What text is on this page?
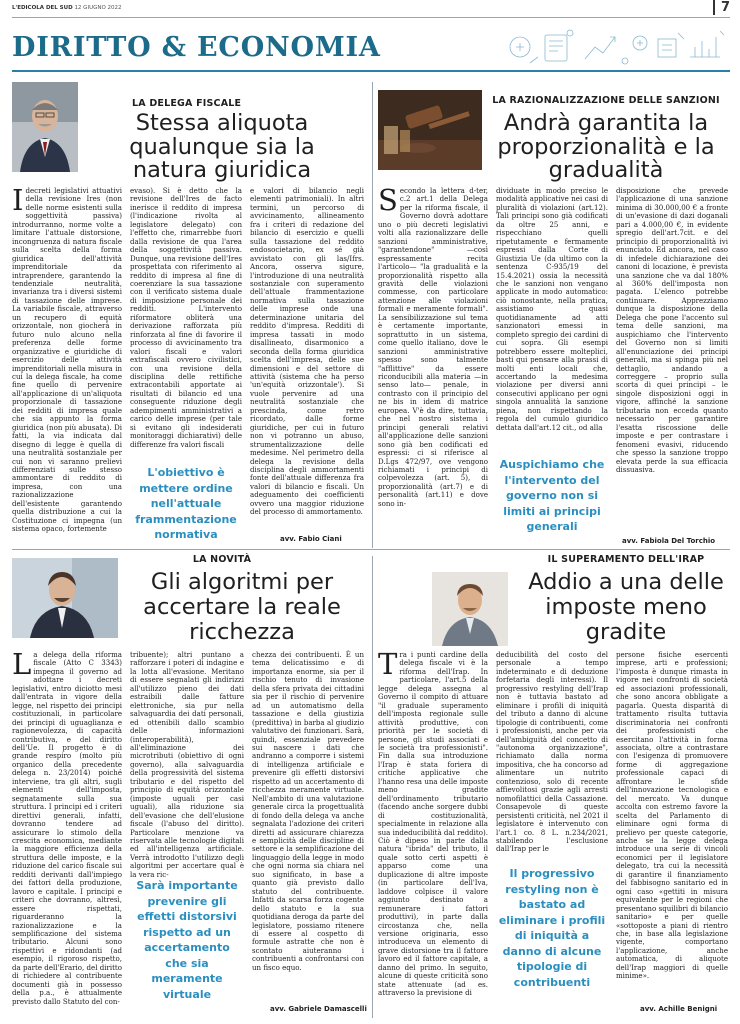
L'EDICOLA DEL SUD 12 GIUGNO 2022	7
DIRITTO & ECONOMIA
LA DELEGA FISCALE
Stessa aliquota qualunque sia la natura giuridica
Idecreti legislativi attuativi della revisione Ires (non delle norme esistenti sulla soggettività passiva) introdurranno, norme volte a limitare l'attuale distorsione, incongruenza di natura fiscale sulla scelta della forma giuridica dell'attività imprenditoriale da intraprendere, garantendo la tendenziale neutralità, invarianza tra i diversi sistemi di tassazione delle imprese. La variabile fiscale, attraverso un recupero di equità orizzontale, non giocherà in futuro nulo alcuno nella preferenza delle forme organizzative e giuridiche di esercizio delle attività imprenditoriali nella misura in cui la delega fiscale, ha come fine quello di pervenire all'applicazione di un'aliquota proporzionale di tassazione dei redditi di impresa quale che sia appunto la forma giuridica (non più abusata). Di fatti, la via indicata dal disegno di legge è quella di una neutralità sostanziale per cui non vi saranno prelievi differenziati sulle stesso ammontare di reddito di impresa, con una razionalizzazione dell'esistente garantendo quella distribuzione a cui la Costituzione ci impegna (un sistema opaco, fortemente
evaso). Si è detto che la revisione dell'Ires de facto inerisce il reddito di impresa (l'indicazione rivolta al legislatore delegato) con l'effetto che, rimarrebbe fuori dalla revisione de qua l'area della soggettività passiva. Dunque, una revisione dell'Ires prospettata con riferimento al reddito di impresa al fine di coerenziare la sua tassazione con il verificato sistema duale di imposizione personale dei redditi. L'intervento riformatore obliterà una derivazione rafforzata più rinforzata al fine di favorire il processo di avvicinamento tra valori fiscali e valori extrafiscali ovvero civilistici, con una revisione della disciplina delle rettifiche extracontabili apportate ai risultati di bilancio ed una conseguente riduzione degli adempimenti amministrativi a carico delle imprese (per tale si evitano gli indesiderati monitoraggi dichiarativi) delle differenze fra valori fiscali
L'obiettivo è mettere ordine nell'attuale frammentazione normativa
e valori di bilancio negli elementi patrimoniali). In altri termini, un percorso di avvicinamento, allineamento fra i criteri di redazione del bilancio di esercizio e quelli sulla tassazione del reddito endosocietario, ex sé già avvistato con gli las/Ifrs. Ancora, osserva sigure, l'introduzione di una neutralità sostanziale con superamento dell'attuale frammentazione normativa sulla tassazione delle imprese onde una determinazione unitaria del reddito d'impresa. Redditi di impresa tassati in modo disallineato, disarmonico a seconda della forma giuridica scelta dell'impresa, delle sue dimensioni e del settore di attività (sistema che ha perso 'un'equità orizzontale'). Si vuole pervenire ad una neutralità sostanziale che prescinda, come retro ricordato, dalle forme giuridiche, per cui in futuro non vi potranno un abuso, strumentalizzazione delle medesime. Nel perimetro della delega la revisione della disciplina degli ammortamenti fonte dell'attuale differenza fra valori di bilancio e fiscali. Un adeguamento dei coefficienti ovvero una maggior riduzione del processo di ammortamento.
avv. Fabio Ciani
LA RAZIONALIZZAZIONE DELLE SANZIONI
Andrà garantita la proporzionalità e la gradualità
Secondo la lettera d-ter, c.2 art.1 della Delega per la riforma fiscale, il Governo dovrà adottare uno o più decreti legislativi volti alla razionalizzare delle sanzioni amministrative, "garantendone" —così espressamente recita l'articolo— "la gradualità e la proporzionalità rispetto alla gravità delle violazioni commesse, con particolare attenzione alle violazioni formali e meramente formali". La sensibilizzazione sul tema è certamente importante, soprattutto in un sistema, come quello italiano, dove le sanzioni amministrative spesso sono talmente "afflittive" da essere riconducibili alla materia —in senso lato— penale, in contrasto con il principio del ne bis in idem di matrice europea. V'è da dire, tuttavia, che nel nostro sistema i principi generali relativi all'applicazione delle sanzioni sono già ben codificati ed espressi: ci si riferisce al D.Lgs 472/97, ove vengono richiamati i principi di colpevolezza (art. 5), di proporzionalità (art.7) e di personalità (art.11) e dove sono in-
dividuate in modo preciso le modalità applicative nei casi di pluralità di violazioni (art.12). Tali principi sono già codificati da oltre 25 anni, e rispecchiano quelli ripetutamente e fermamente espressi dalla Corte di Giustizia Ue (da ultimo con la sentenza C-935/19 del 15.4.2021) ossia la necessità che le sanzioni non vengano applicate in modo automatico: ciò nonostante, nella pratica, assistiamo quasi quotidianamente ad atti sanzionatori emessi in completo spregio dei cardini di cui sopra. Gli esempi potrebbero essere molteplici, basti qui pensare alla prassi di molti enti locali che, accertando la medesima violazione per diversi anni consecutivi applicano per ogni singola annualità la sanzione piena, non rispettando la regola del cumulo giuridico dettata dall'art.12 cit., od alla
Auspichiamo che l'intervento del governo non si limiti ai principi generali
disposizione che prevede l'applicazione di una sanzione minima di 30.000,00 € a fronte di un'evasione di dazi doganali pari a 4.000,00 €, in evidente spregio dell'art.7cit. e del principio di proporzionalità ivi enunciato. Ed ancora, nel caso di infedele dichiarazione dei canoni di locazione, è prevista una sanzione che va dal 180% al 360% dell'imposta non pagata. L'elenco potrebbe continuare. Apprezziamo dunque la disposizione della Delega che pone l'accento sul tema delle sanzioni, ma auspichiamo che l'intervento del Governo non si limiti all'enunciazione dei principi generali, ma si spinga più nel dettaglio, andando a correggere – proprio sulla scorta di quei principi – le singole disposizioni oggi in vigore, affinché la sanzione tributaria non ecceda quanto necessario per garantire l'esatta riscossione delle imposte e per contrastare i fenomeni evasivi, riducendo che spesso la sanzione troppo elevata perde la sua efficacia dissuasiva.
avv. Fabiola Del Torchio
LA NOVITÀ
Gli algoritmi per accertare la reale ricchezza
La delega della riforma fiscale (Atto C 3343) impegna il governo ad adottare i decreti legislativi, entro diciotto mesi dall'entrata in vigore della legge, nel rispetto dei principi costituzionali, in particolare dei principi di uguaglianza e ragionevolezza, di capacità contributiva, e del diritto dell'Ue. Il progetto è di grande respiro (molto più organico della precedente delega n. 23/2014) poiché interviene, tra gli altri, sugli elementi dell'imposta, segnatamente sulla sua struttura. I principi ed i criteri direttivi generali, infatti, dovranno tendere ad assicurare lo stimolo della crescita economica, mediante la maggiore efficienza della struttura delle imposte, e la riduzione del carico fiscale sui redditi derivanti dall'impiego dei fattori della produzione, lavoro e capitale. I principi e criteri che dovranno, altresì, essere rispettati, riguarderanno la razionalizzazione e la semplificazione del sistema tributario. Alcuni sono rispettivi e ridondanti (ad esempio, il rigoroso rispetto, da parte dell'Erario, del diritto di richiedere al contribuente documenti già in possesso della p.a., è attualmente previsto dallo Statuto del con-
tribuente); altri puntano a rafforzare i poteri di indagine e la lotta all'evasione. Meritano di essere segnalati gli indirizzi all'utilizzo pieno dei dati estraibili dalle fatture elettroniche, sia pur nella salvaguardia dei dati personali, ed ottenibili dallo scambio delle informazioni (interoperabilità), all'eliminazione dei microtributi (obiettivo di ogni governo), alla salvaguardia della progressività del sistema tributario e del rispetto del principio di equità orizzontale (imposte uguali per casi uguali), alla riduzione sia dell'evasione che dell'elusione fiscale (l'abuso del diritto). Particolare menzione va riservata alle tecnologie digitali ed all'intelligenza artificiale. Verrà introdotto l'utilizzo degli algoritmi per accertare qual è la vera ric-
Sarà importante prevenire gli effetti distorsivi rispetto ad un accertamento che sia meramente virtuale
chezza dei contribuenti. È un tema delicatissimo e di importanza enorme, sia per il rischio tenuto di invasione della sfera privata dei cittadini sia per il rischio di pervenire ad un automatismo della tassazione e della giustizia (predittiva) in barba al giudizio valutativo dei funzionari. Sarà, quindi, essenziale prevedere sui nascere i dati che andranno a comporre i sistemi di intelligenza artificiale e prevenire gli effetti distorsivi rispetto ad un accertamento di ricchezza meramente virtuale. Nell'ambito di una valutazione generale circa la progettualità di fondo della delega va anche segnalata l'adozione dei criteri diretti ad assicurare chiarezza e semplicità delle discipline di settore e la semplificazione del linguaggio della legge in modo che ogni norma sia chiara nel suo significato, in base a quanto già previsto dallo statuto del contribuente. Infatti da scarsa forza cogente dello statuto e la sua quotidiana deroga da parte del legislatore, possiamo ritenere di essere al cospetto di formule astratte che non è scontato aiuteranno i contribuenti a confrontarsi con un fisco equo.
avv. Gabriele Damascelli
IL SUPERAMENTO DELL'IRAP
Addio a una delle imposte meno gradite
Tra i punti cardine della delega fiscale vi è la riforma dell'Irap. In particolare, l'art.5 della legge delega assegna al Governo il compito di attuare "il graduale superamento dell'imposta regionale sulle attività produttive, con priorità per le società di persone, gli studi associati e le società tra professionisti". Fin dalla sua introduzione l'Irap è stata foriera di critiche applicative che l'hanno resa una delle imposte meno gradite dell'ordinamento tributario (facendo anche sorgere dubbi di costituzionalità, specialmente in relazione alla sua indeducibilità dal reddito). Ciò è dipeso in parte dalla natura "ibrida" del tributo, il quale sotto certi aspetti è apparso come una duplicazione di altre imposte (in particolare dell'Iva, laddove colpisce il valore aggiunto destinato a remunerare i fattori produttivi), in parte dalla circostanza che, nella versione originaria, esso introduceva un elemento di grave distorsione tra il fattore lavoro ed il fattore capitale, a danno del primo. In seguito, alcune di queste criticità sono state attenuate (ad es. attraverso la previsione di
deducibilità del costo del personale a tempo indeterminato e di deduzione forfetaria degli interessi). Il progressivo restyling dell'Irap non è tuttavia bastato ad eliminare i profili di iniquità del tributo a danno di alcune tipologie di contribuenti, come i professionisti, anche per via dell'ambiguità del concetto di "autonoma organizzazione", richiamato dalla norma impositiva, che ha concorso ad alimentare un nutrito contenzioso, solo di recente affievolitosi grazie agli arresti nomofilattici della Cassazione. Consapevole di queste persistenti criticità, nel 2021 il legislatore è intervenuto con l'art.1 co. 8 L. n.234/2021, stabilendo l'esclusione dall'Irap per le
Il progressivo restyling non è bastato ad eliminare i profili di iniquità a danno di alcune tipologie di contribuenti
persone fisiche esercenti imprese, arti e professioni; l'imposta è dunque rimasta in vigore nei confronti di società ed associazioni professionali, che sono ancora obbligate a pagarla. Questa disparità di trattamento risulta tuttavia discriminatoria nei confronti dei professionisti che esercitano l'attività in forma associata, oltre a contrastare con l'esigenza di promuovere forme di aggregazione professionale capaci di affrontare le sfide dell'innovazione tecnologica e del mercato. Va dunque accolta con estremo favore la scelta del Parlamento di eliminare ogni forma di prelievo per queste categorie, anche se la legge delega introduce una serie di vincoli economici per il legislatore delegato, tra cui la necessità di garantire il finanziamento del fabbisogno sanitario ed in ogni caso «gettiti in misura equivalente per le regioni che presentano squilibri di bilancio sanitario» e per quelle «sottoposte a piani di rientro che, in base alla legislazione vigente, comportano l'applicazione, anche automatica, di aliquote dell'Irap maggiori di quelle minime».
avv. Achille Benigni
